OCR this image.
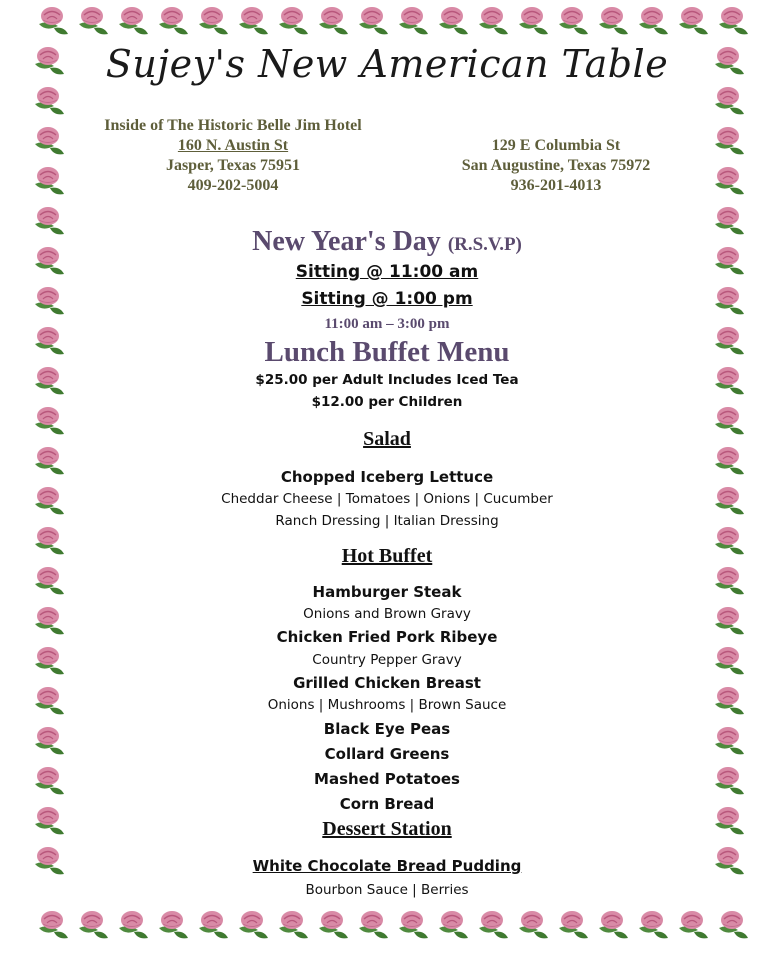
Sujey's New American Table
Inside of The Historic Belle Jim Hotel
160 N. Austin St
Jasper, Texas 75951
409-202-5004
129 E Columbia St
San Augustine, Texas 75972
936-201-4013
New Year's Day (R.S.V.P)
Sitting @ 11:00 am
Sitting @ 1:00 pm
11:00 am – 3:00 pm
Lunch Buffet Menu
$25.00 per Adult Includes Iced Tea
$12.00 per Children
Salad
Chopped Iceberg Lettuce
Cheddar Cheese | Tomatoes | Onions | Cucumber
Ranch Dressing | Italian Dressing
Hot Buffet
Hamburger Steak
Onions and Brown Gravy
Chicken Fried Pork Ribeye
Country Pepper Gravy
Grilled Chicken Breast
Onions | Mushrooms | Brown Sauce
Black Eye Peas
Collard Greens
Mashed Potatoes
Corn Bread
Dessert Station
White Chocolate Bread Pudding
Bourbon Sauce | Berries
